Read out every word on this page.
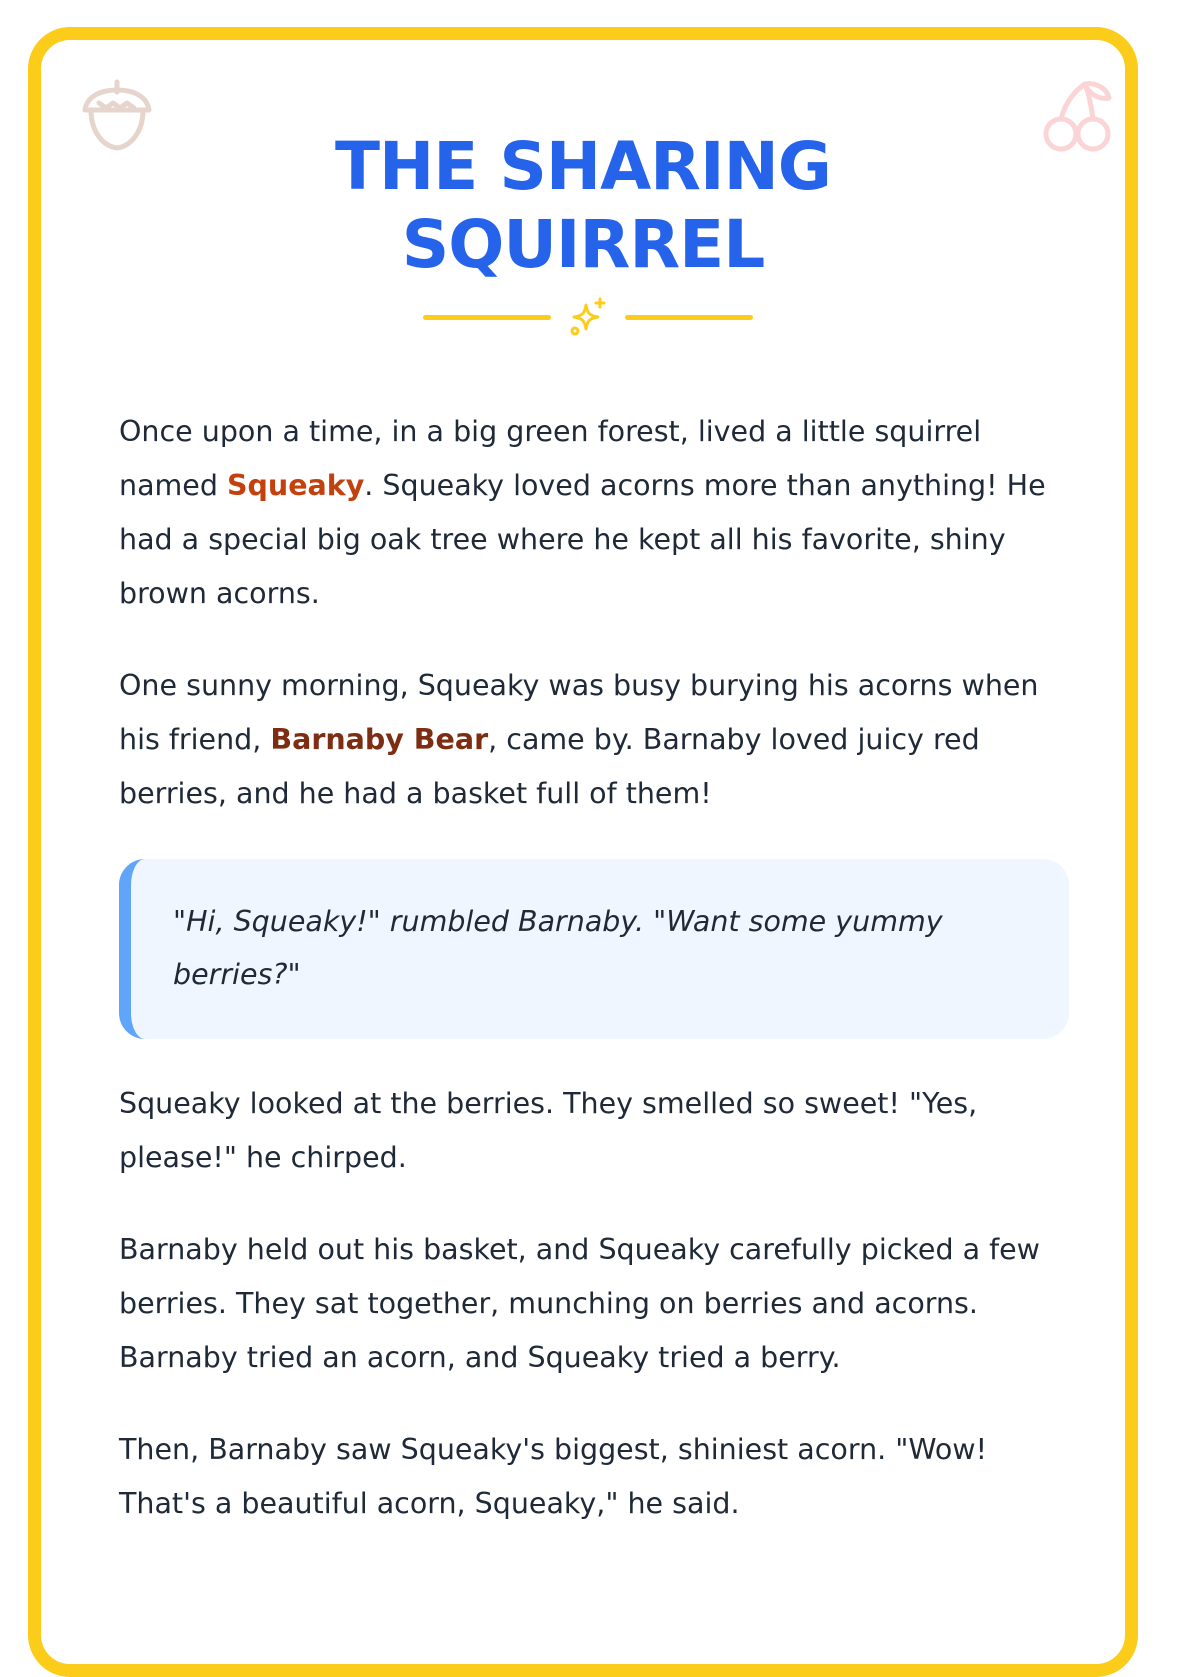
THE SHARING
SQUIRREL

Once upon a time, in a big green forest, lived a little squirrel named Squeaky. Squeaky loved acorns more than anything! He had a special big oak tree where he kept all his favorite, shiny brown acorns.

One sunny morning, Squeaky was busy burying his acorns when his friend, Barnaby Bear, came by. Barnaby loved juicy red berries, and he had a basket full of them!

"Hi, Squeaky!" rumbled Barnaby. "Want some yummy berries?"

Squeaky looked at the berries. They smelled so sweet! "Yes, please!" he chirped.

Barnaby held out his basket, and Squeaky carefully picked a few berries. They sat together, munching on berries and acorns. Barnaby tried an acorn, and Squeaky tried a berry.

Then, Barnaby saw Squeaky's biggest, shiniest acorn. "Wow! That's a beautiful acorn, Squeaky," he said.
